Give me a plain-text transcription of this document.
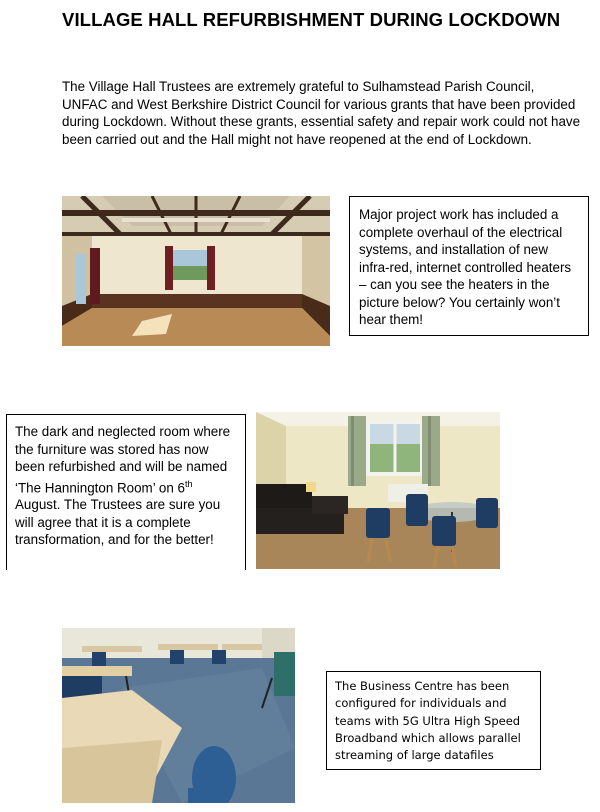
VILLAGE HALL REFURBISHMENT DURING LOCKDOWN

The Village Hall Trustees are extremely grateful to Sulhamstead Parish Council, UNFAC and West Berkshire District Council for various grants that have been provided during Lockdown. Without these grants, essential safety and repair work could not have been carried out and the Hall might not have reopened at the end of Lockdown.

Major project work has included a complete overhaul of the electrical systems, and installation of new infra-red, internet controlled heaters – can you see the heaters in the picture below? You certainly won’t hear them!
The dark and neglected room where the furniture was stored has now been refurbished and will be named ‘The Hannington Room’ on 6th August. The Trustees are sure you will agree that it is a complete transformation, and for the better!
The Business Centre has been configured for individuals and teams with 5G Ultra High Speed Broadband which allows parallel streaming of large datafiles
